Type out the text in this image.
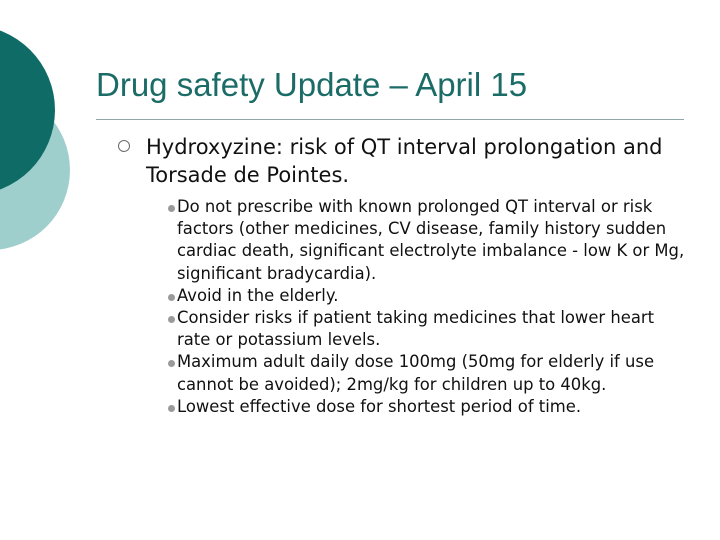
Drug safety Update – April 15
Hydroxyzine: risk of QT interval prolongation and Torsade de Pointes.
Do not prescribe with known prolonged QT interval or risk factors (other medicines, CV disease, family history sudden cardiac death, significant electrolyte imbalance - low K or Mg, significant bradycardia).
Avoid in the elderly.
Consider risks if patient taking medicines that lower heart rate or potassium levels.
Maximum adult daily dose 100mg (50mg for elderly if use cannot be avoided); 2mg/kg for children up to 40kg.
Lowest effective dose for shortest period of time.
